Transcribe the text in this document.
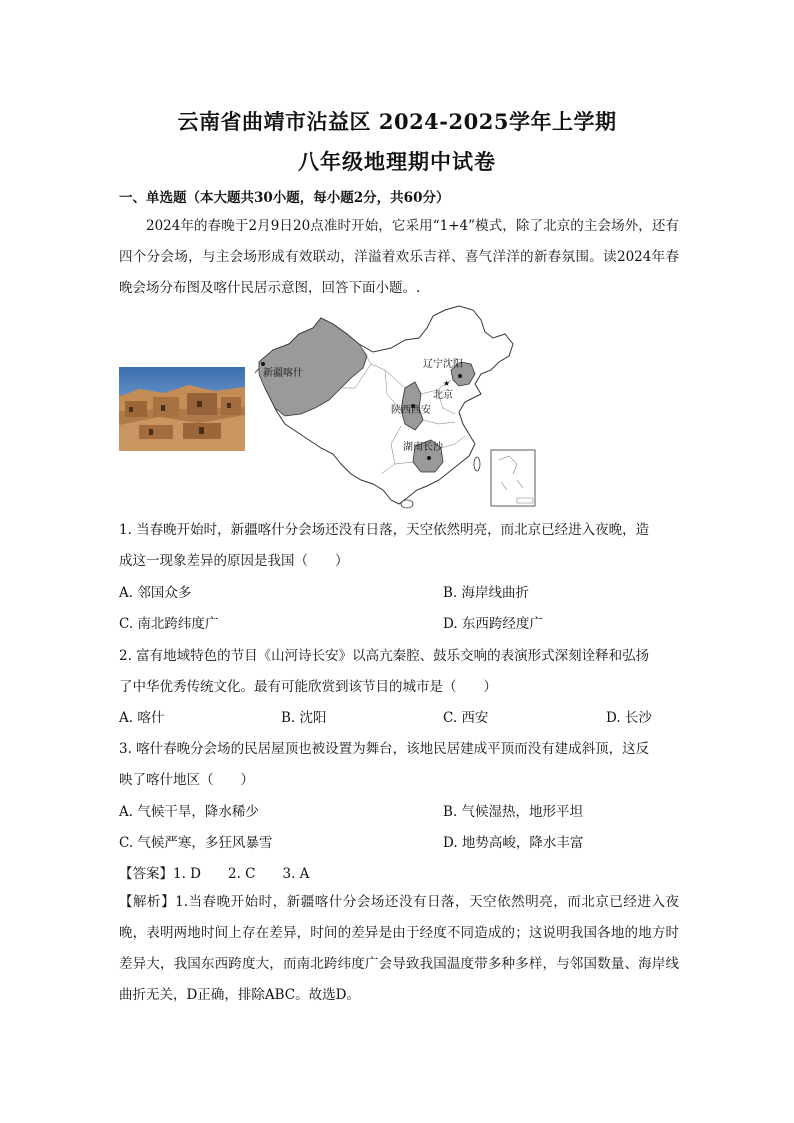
云南省曲靖市沾益区 2024-2025学年上学期
八年级地理期中试卷
一、单选题（本大题共30小题，每小题2分，共60分）
2024年的春晚于2月9日20点准时开始，它采用“1+4”模式，除了北京的主会场外，还有四个分会场，与主会场形成有效联动，洋溢着欢乐吉祥、喜气洋洋的新春氛围。读2024年春晚会场分布图及喀什民居示意图，回答下面小题。.
★
新疆喀什
辽宁沈阳
北京
陕西西安
湖南长沙
1. 当春晚开始时，新疆喀什分会场还没有日落，天空依然明亮，而北京已经进入夜晚，造
成这一现象差异的原因是我国（　　）
A. 邻国众多	B. 海岸线曲折
C. 南北跨纬度广	D. 东西跨经度广
2. 富有地域特色的节目《山河诗长安》以高亢秦腔、鼓乐交响的表演形式深刻诠释和弘扬
了中华优秀传统文化。最有可能欣赏到该节目的城市是（　　）
A. 喀什	B. 沈阳	C. 西安	D. 长沙
3. 喀什春晚分会场的民居屋顶也被设置为舞台，该地民居建成平顶而没有建成斜顶，这反
映了喀什地区（　　）
A. 气候干旱，降水稀少	B. 气候湿热，地形平坦
C. 气候严寒，多狂风暴雪	D. 地势高峻，降水丰富
【答案】1. D　　2. C　　3. A
【解析】1.当春晚开始时，新疆喀什分会场还没有日落，天空依然明亮，而北京已经进入夜晚，表明两地时间上存在差异，时间的差异是由于经度不同造成的；这说明我国各地的地方时差异大，我国东西跨度大，而南北跨纬度广会导致我国温度带多种多样，与邻国数量、海岸线曲折无关，D正确，排除ABC。故选D。
